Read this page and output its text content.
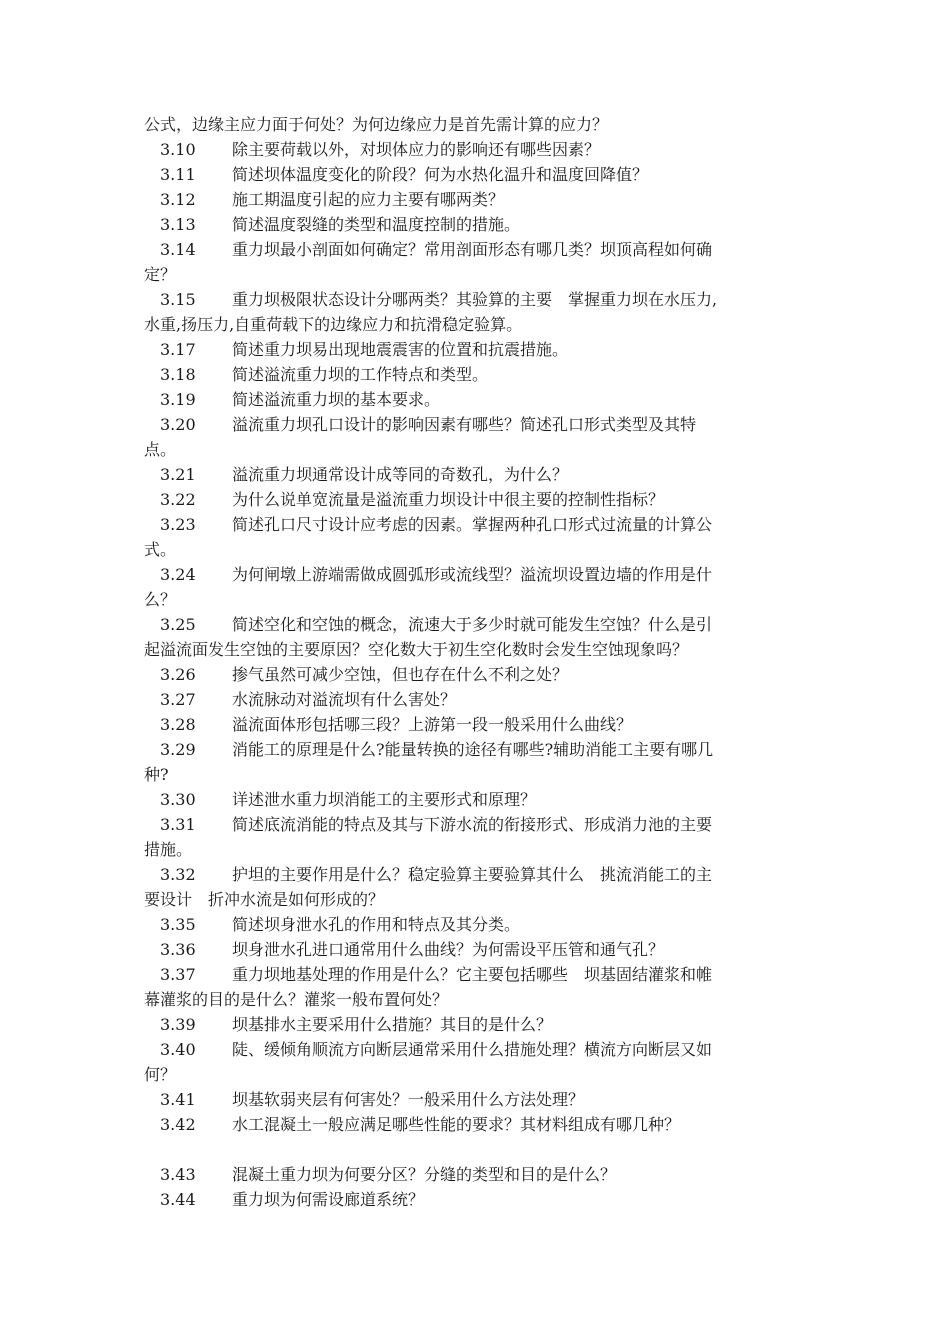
公式，边缘主应力面于何处？为何边缘应力是首先需计算的应力？
3.10 除主要荷载以外，对坝体应力的影响还有哪些因素？
3.11 简述坝体温度变化的阶段？何为水热化温升和温度回降值？
3.12 施工期温度引起的应力主要有哪两类？
3.13 简述温度裂缝的类型和温度控制的措施。
3.14 重力坝最小剖面如何确定？常用剖面形态有哪几类？坝顶高程如何确
定？
3.15 重力坝极限状态设计分哪两类？其验算的主要　掌握重力坝在水压力,
水重,扬压力,自重荷载下的边缘应力和抗滑稳定验算。
3.17 简述重力坝易出现地震震害的位置和抗震措施。
3.18 简述溢流重力坝的工作特点和类型。
3.19 简述溢流重力坝的基本要求。
3.20 溢流重力坝孔口设计的影响因素有哪些？简述孔口形式类型及其特
点。
3.21 溢流重力坝通常设计成等同的奇数孔，为什么？
3.22 为什么说单宽流量是溢流重力坝设计中很主要的控制性指标？
3.23 简述孔口尺寸设计应考虑的因素。掌握两种孔口形式过流量的计算公
式。
3.24 为何闸墩上游端需做成圆弧形或流线型？溢流坝设置边墙的作用是什
么？
3.25 简述空化和空蚀的概念，流速大于多少时就可能发生空蚀？什么是引
起溢流面发生空蚀的主要原因？空化数大于初生空化数时会发生空蚀现象吗？
3.26 掺气虽然可减少空蚀，但也存在什么不利之处？
3.27 水流脉动对溢流坝有什么害处？
3.28 溢流面体形包括哪三段？上游第一段一般采用什么曲线？
3.29 消能工的原理是什么?能量转换的途径有哪些?辅助消能工主要有哪几
种?
3.30 详述泄水重力坝消能工的主要形式和原理？
3.31 简述底流消能的特点及其与下游水流的衔接形式、形成消力池的主要
措施。
3.32 护坦的主要作用是什么？稳定验算主要验算其什么　挑流消能工的主
要设计　折冲水流是如何形成的？
3.35 简述坝身泄水孔的作用和特点及其分类。
3.36 坝身泄水孔进口通常用什么曲线？为何需设平压管和通气孔？
3.37 重力坝地基处理的作用是什么？它主要包括哪些　坝基固结灌浆和帷
幕灌浆的目的是什么？灌浆一般布置何处？
3.39 坝基排水主要采用什么措施？其目的是什么？
3.40 陡、缓倾角顺流方向断层通常采用什么措施处理？横流方向断层又如
何？
3.41 坝基软弱夹层有何害处？一般采用什么方法处理？
3.42 水工混凝土一般应满足哪些性能的要求？其材料组成有哪几种？
3.43 混凝土重力坝为何要分区？分缝的类型和目的是什么？
3.44 重力坝为何需设廊道系统？
